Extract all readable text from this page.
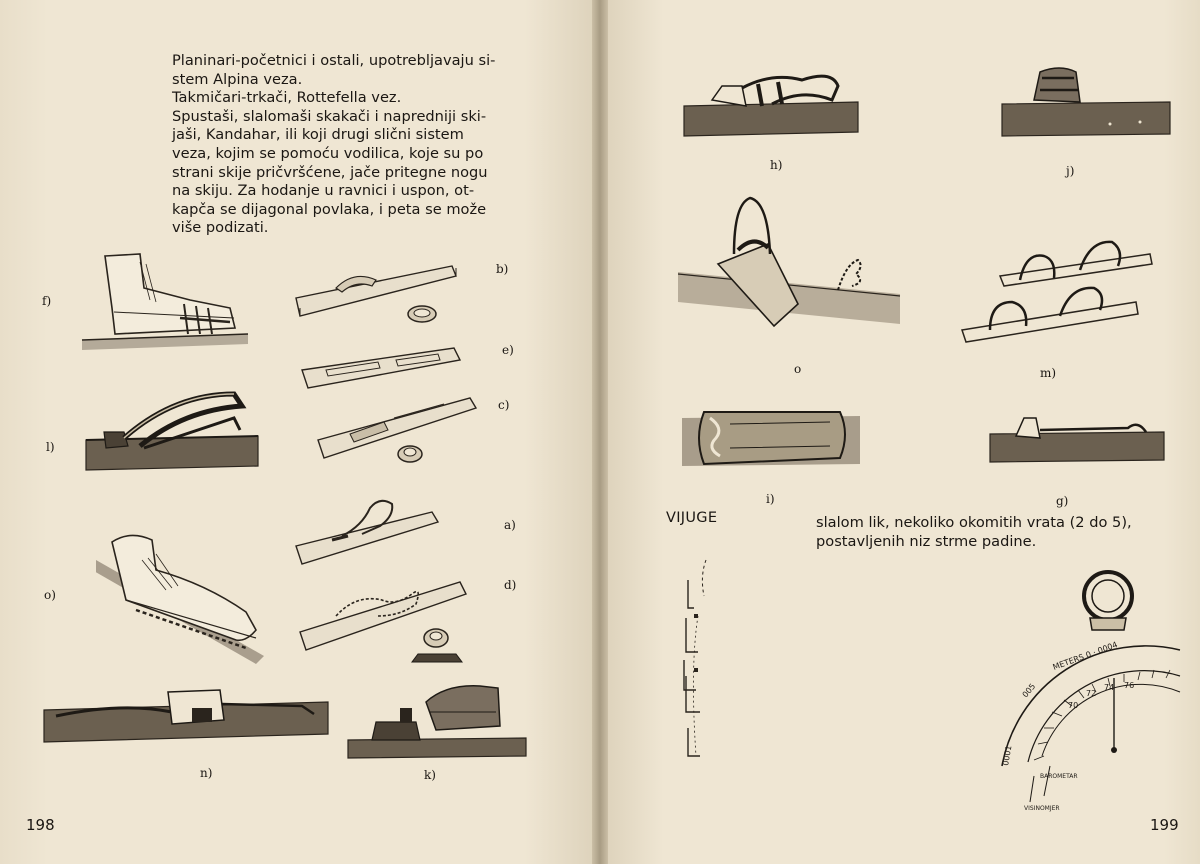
Planinari-početnici i ostali, upotrebljavaju si-

stem Alpina veza.

Takmičari-trkači, Rottefella vez.

Spustaši, slalomaši skakači i napredniji ski-

jaši, Kandahar, ili koji drugi slični sistem

veza, kojim se pomoću vodilica, koje su po

strani skije pričvršćene, jače pritegne nogu

na skiju. Za hodanje u ravnici i uspon, ot-

kapča se dijagonal povlaka, i peta se može

više podizati.

f)
b)
e)
c)
l)
a)
o)
d)
n)	k)
198
h)	j)
o	m)
i)	g)
VIJUGE	slalom lik, nekoliko okomitih vrata (2 do 5), postavljenih niz strme padine.
METERS 0 · 0004
005
0001
70
72
74 76
BAROMETAR
VISINOMJER
199
